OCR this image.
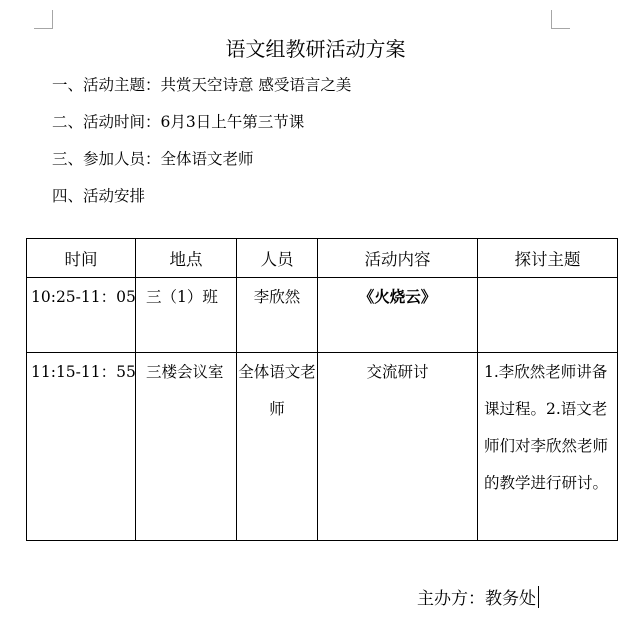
语文组教研活动方案
一、活动主题：共赏天空诗意 感受语言之美
二、活动时间：6月3日上午第三节课
三、参加人员：全体语文老师
四、活动安排
时间	地点	人员	活动内容	探讨主题
10:25-11：05	三（1）班	李欣然	《火烧云》	
11:15-11：55	三楼会议室	全体语文老师	交流研讨	1.李欣然老师讲备课过程。2.语文老师们对李欣然老师的教学进行研讨。
主办方：教务处
